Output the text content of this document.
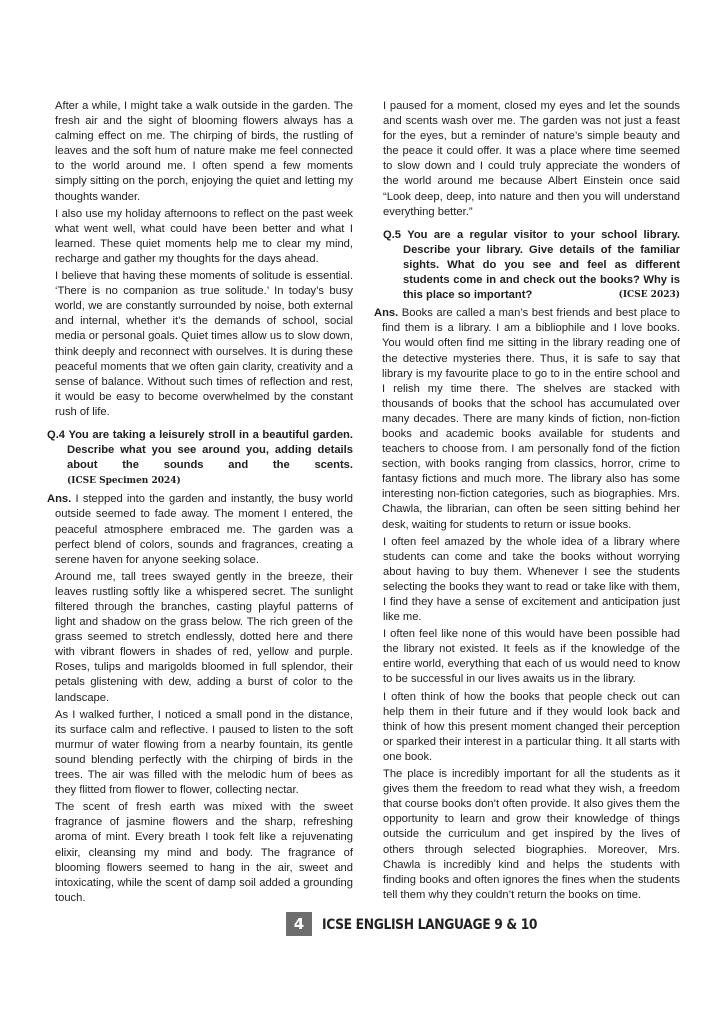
After a while, I might take a walk outside in the garden. The fresh air and the sight of blooming flowers always has a calming effect on me. The chirping of birds, the rustling of leaves and the soft hum of nature make me feel connected to the world around me. I often spend a few moments simply sitting on the porch, enjoying the quiet and letting my thoughts wander.

I also use my holiday afternoons to reflect on the past week what went well, what could have been better and what I learned. These quiet moments help me to clear my mind, recharge and gather my thoughts for the days ahead.

I believe that having these moments of solitude is essential. ‘There is no companion as true solitude.’ In today’s busy world, we are constantly surrounded by noise, both external and internal, whether it’s the demands of school, social media or personal goals. Quiet times allow us to slow down, think deeply and reconnect with ourselves. It is during these peaceful moments that we often gain clarity, creativity and a sense of balance. Without such times of reflection and rest, it would be easy to become overwhelmed by the constant rush of life.

Q.4 You are taking a leisurely stroll in a beautiful garden. Describe what you see around you, adding details about the sounds and the scents. (ICSE Specimen 2024)

Ans. I stepped into the garden and instantly, the busy world outside seemed to fade away. The moment I entered, the peaceful atmosphere embraced me. The garden was a perfect blend of colors, sounds and fragrances, creating a serene haven for anyone seeking solace.

Around me, tall trees swayed gently in the breeze, their leaves rustling softly like a whispered secret. The sunlight filtered through the branches, casting playful patterns of light and shadow on the grass below. The rich green of the grass seemed to stretch endlessly, dotted here and there with vibrant flowers in shades of red, yellow and purple. Roses, tulips and marigolds bloomed in full splendor, their petals glistening with dew, adding a burst of color to the landscape.

As I walked further, I noticed a small pond in the distance, its surface calm and reflective. I paused to listen to the soft murmur of water flowing from a nearby fountain, its gentle sound blending perfectly with the chirping of birds in the trees. The air was filled with the melodic hum of bees as they flitted from flower to flower, collecting nectar.

The scent of fresh earth was mixed with the sweet fragrance of jasmine flowers and the sharp, refreshing aroma of mint. Every breath I took felt like a rejuvenating elixir, cleansing my mind and body. The fragrance of blooming flowers seemed to hang in the air, sweet and intoxicating, while the scent of damp soil added a grounding touch.

I paused for a moment, closed my eyes and let the sounds and scents wash over me. The garden was not just a feast for the eyes, but a reminder of nature’s simple beauty and the peace it could offer. It was a place where time seemed to slow down and I could truly appreciate the wonders of the world around me because Albert Einstein once said “Look deep, deep, into nature and then you will understand everything better.”

Q.5 You are a regular visitor to your school library. Describe your library. Give details of the familiar sights. What do you see and feel as different students come in and check out the books? Why is this place so important?	(ICSE 2023)

Ans. Books are called a man’s best friends and best place to find them is a library. I am a bibliophile and I love books. You would often find me sitting in the library reading one of the detective mysteries there. Thus, it is safe to say that library is my favourite place to go to in the entire school and I relish my time there. The shelves are stacked with thousands of books that the school has accumulated over many decades. There are many kinds of fiction, non-fiction books and academic books available for students and teachers to choose from. I am personally fond of the fiction section, with books ranging from classics, horror, crime to fantasy fictions and much more. The library also has some interesting non-fiction categories, such as biographies. Mrs. Chawla, the librarian, can often be seen sitting behind her desk, waiting for students to return or issue books.

I often feel amazed by the whole idea of a library where students can come and take the books without worrying about having to buy them. Whenever I see the students selecting the books they want to read or take like with them, I find they have a sense of excitement and anticipation just like me.

I often feel like none of this would have been possible had the library not existed. It feels as if the knowledge of the entire world, everything that each of us would need to know to be successful in our lives awaits us in the library.

I often think of how the books that people check out can help them in their future and if they would look back and think of how this present moment changed their perception or sparked their interest in a particular thing. It all starts with one book.

The place is incredibly important for all the students as it gives them the freedom to read what they wish, a freedom that course books don’t often provide. It also gives them the opportunity to learn and grow their knowledge of things outside the curriculum and get inspired by the lives of others through selected biographies. Moreover, Mrs. Chawla is incredibly kind and helps the students with finding books and often ignores the fines when the students tell them why they couldn’t return the books on time.

4	ICSE ENGLISH LANGUAGE 9 & 10
